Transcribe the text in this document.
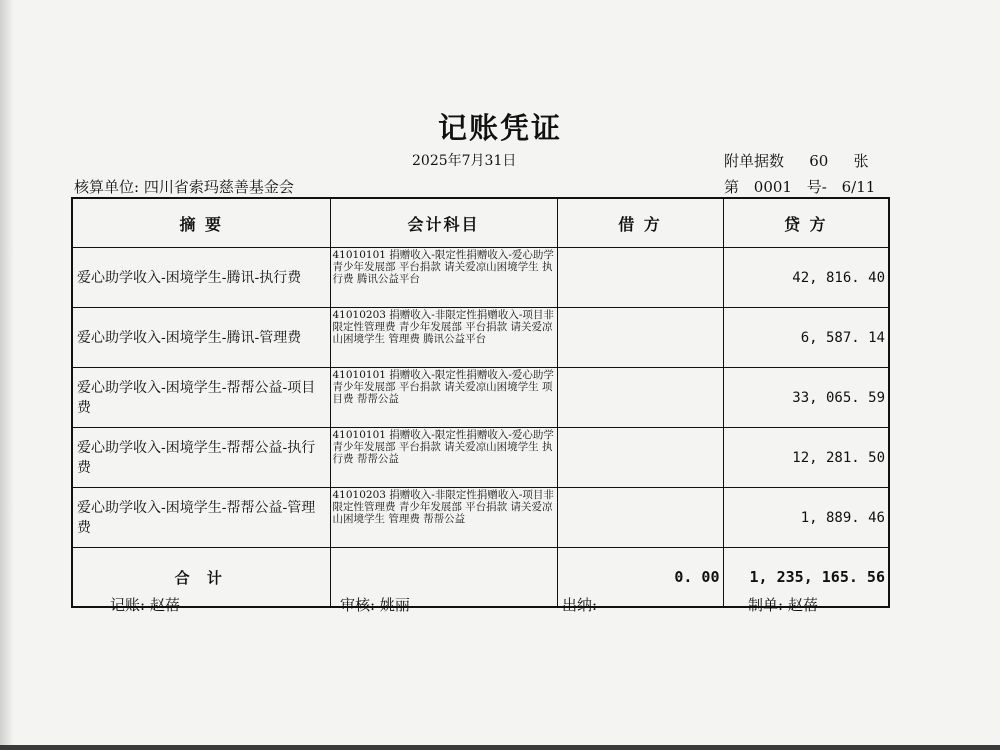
记账凭证
2025年7月31日	附单据数 60 张
核算单位: 四川省索玛慈善基金会	第 0001 号- 6/11
摘 要	会计科目	借 方	贷 方
爱心助学收入-困境学生-腾讯-执行费	41010101 捐赠收入-限定性捐赠收入-爱心助学 青少年发展部 平台捐款 请关爱凉山困境学生 执行费 腾讯公益平台		42, 816. 40
爱心助学收入-困境学生-腾讯-管理费	41010203 捐赠收入-非限定性捐赠收入-项目非限定性管理费 青少年发展部 平台捐款 请关爱凉山困境学生 管理费 腾讯公益平台		6, 587. 14
爱心助学收入-困境学生-帮帮公益-项目费	41010101 捐赠收入-限定性捐赠收入-爱心助学 青少年发展部 平台捐款 请关爱凉山困境学生 项目费 帮帮公益		33, 065. 59
爱心助学收入-困境学生-帮帮公益-执行费	41010101 捐赠收入-限定性捐赠收入-爱心助学 青少年发展部 平台捐款 请关爱凉山困境学生 执行费 帮帮公益		12, 281. 50
爱心助学收入-困境学生-帮帮公益-管理费	41010203 捐赠收入-非限定性捐赠收入-项目非限定性管理费 青少年发展部 平台捐款 请关爱凉山困境学生 管理费 帮帮公益		1, 889. 46
合 计		0. 00	1, 235, 165. 56
记账: 赵蓓	审核: 姚丽	出纳:	制单: 赵蓓
